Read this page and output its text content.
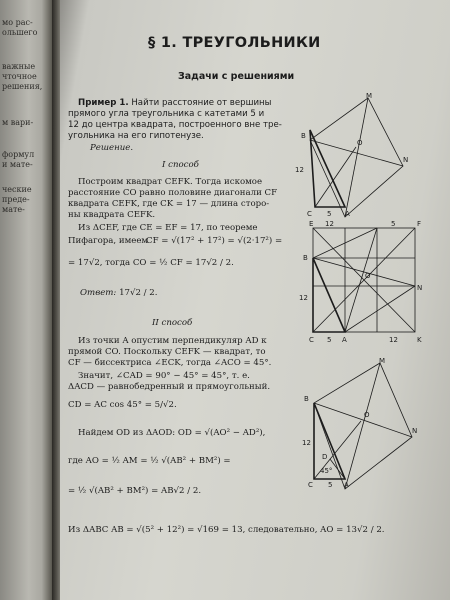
мо рас-
ольшего
важные
чточное
решения,
м вари-
формул
и мате-
ческие
преде-
мате-
§ 1. ТРЕУГОЛЬНИКИ
Задачи с решениями
Пример 1. Найти расстояние от вершины
прямого угла треугольника с катетами 5 и
12 до центра квадрата, построенного вне тре-
угольника на его гипотенузе.
Решение.
I способ
Построим квадрат CEFK. Тогда искомое
расстояние CO равно половине диагонали CF
квадрата CEFK, где CK = 17 — длина сторо-
ны квадрата CEFK.
Из ΔCEF, где CE = EF = 17, по теореме
Пифагора, имеем
CF = √(17² + 17²) = √(2·17²) =
= 17√2, тогда CO = ½ CF = 17√2 / 2.
Ответ: 17√2 / 2.
II способ
Из точки A опустим перпендикуляр AD к
прямой CO. Поскольку CEFK — квадрат, то
CF — биссектриса ∠ECK, тогда ∠ACO = 45°.
Значит, ∠CAD = 90° − 45° = 45°, т. е.
ΔACD — равнобедренный и прямоугольный.
CD = AC cos 45° = 5/√2.
Найдем OD из ΔAOD: OD = √(AO² − AD²),
где AO = ½ AM = ½ √(AB² + BM²) =
= ½ √(AB² + BM²) = AB√2 / 2.
Из ΔABC AB = √(5² + 12²) = √169 = 13, следовательно, AO = 13√2 / 2.
M
B
O
N
12
C 5 A
E 12	5	F
B
O
N
12
C 5 A	12	K
M
B
O
N
12
D
45°
C 5 A
